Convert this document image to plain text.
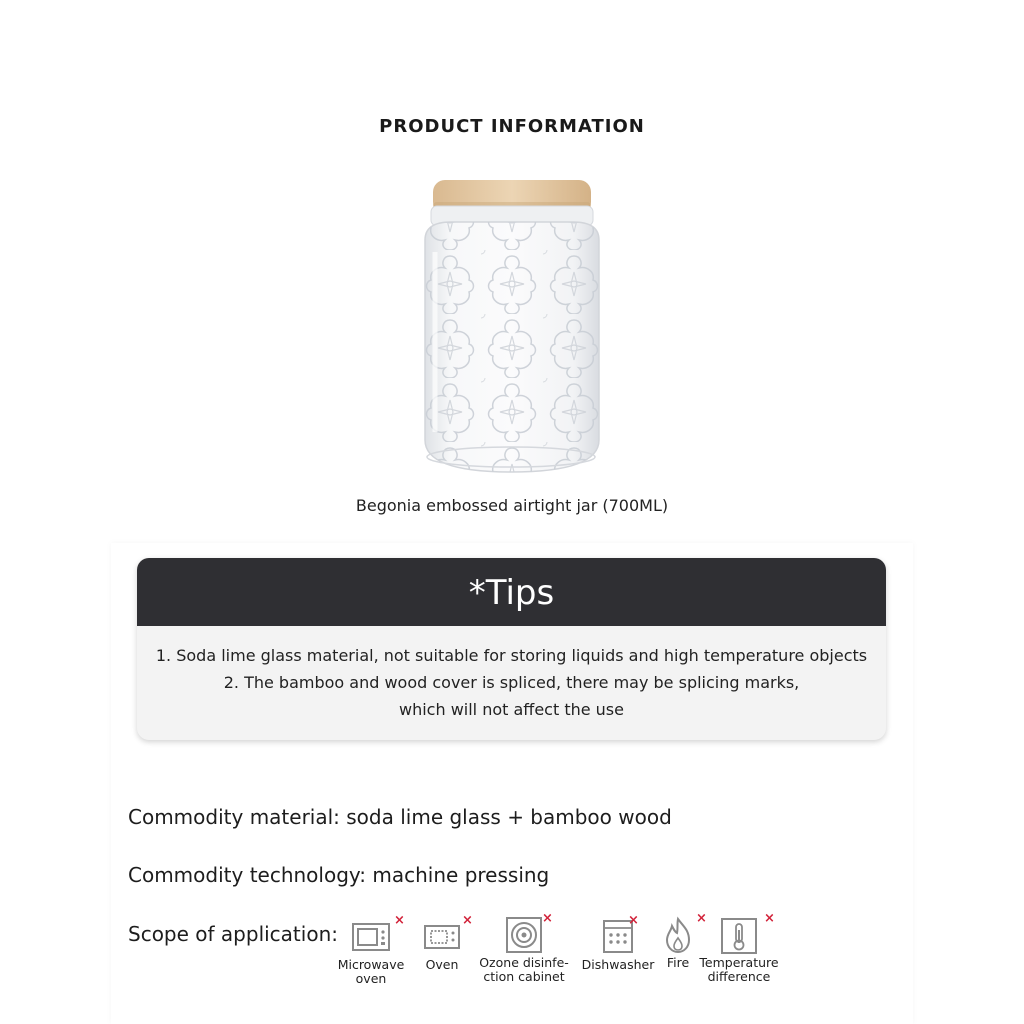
PRODUCT INFORMATION
Begonia embossed airtight jar (700ML)
*Tips
1. Soda lime glass material, not suitable for storing liquids and high temperature objects
2. The bamboo and wood cover is spliced, there may be splicing marks,
which will not affect the use
Commodity material: soda lime glass + bamboo wood
Commodity technology: machine pressing
Scope of application:
×
Microwave
oven
×
Oven
×
Ozone disinfe-
ction cabinet
×
Dishwasher
×
Fire
×
Temperature
difference
